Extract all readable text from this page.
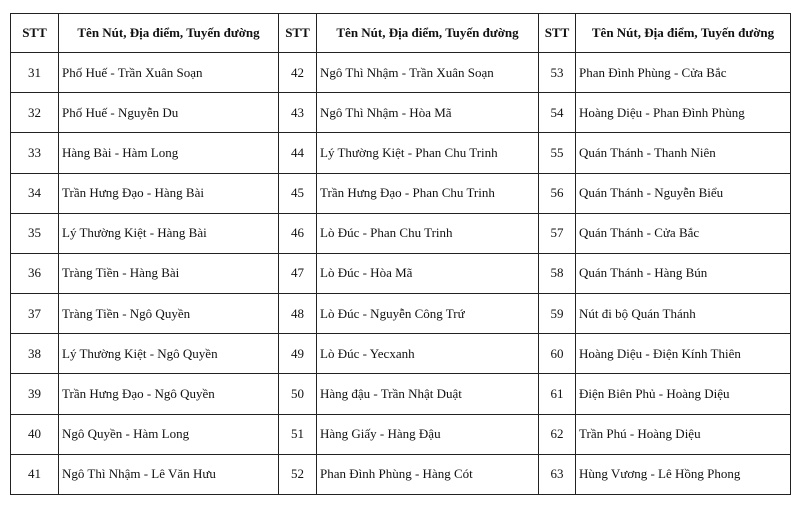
STT	Tên Nút, Địa điểm, Tuyến đường	STT	Tên Nút, Địa điểm, Tuyến đường	STT	Tên Nút, Địa điểm, Tuyến đường
31	Phố Huế - Trần Xuân Soạn	42	Ngô Thì Nhậm - Trần Xuân Soạn	53	Phan Đình Phùng - Cửa Bắc
32	Phố Huế - Nguyễn Du	43	Ngô Thì Nhậm - Hòa Mã	54	Hoàng Diệu - Phan Đình Phùng
33	Hàng Bài - Hàm Long	44	Lý Thường Kiệt - Phan Chu Trinh	55	Quán Thánh - Thanh Niên
34	Trần Hưng Đạo - Hàng Bài	45	Trần Hưng Đạo - Phan Chu Trinh	56	Quán Thánh - Nguyễn Biểu
35	Lý Thường Kiệt - Hàng Bài	46	Lò Đúc - Phan Chu Trinh	57	Quán Thánh - Cửa Bắc
36	Tràng Tiền - Hàng Bài	47	Lò Đúc - Hòa Mã	58	Quán Thánh - Hàng Bún
37	Tràng Tiền - Ngô Quyền	48	Lò Đúc - Nguyễn Công Trứ	59	Nút đi bộ Quán Thánh
38	Lý Thường Kiệt - Ngô Quyền	49	Lò Đúc - Yecxanh	60	Hoàng Diệu - Điện Kính Thiên
39	Trần Hưng Đạo - Ngô Quyền	50	Hàng đậu - Trần Nhật Duật	61	Điện Biên Phủ - Hoàng Diệu
40	Ngô Quyền - Hàm Long	51	Hàng Giấy - Hàng Đậu	62	Trần Phú - Hoàng Diệu
41	Ngô Thì Nhậm - Lê Văn Hưu	52	Phan Đình Phùng - Hàng Cót	63	Hùng Vương - Lê Hồng Phong
